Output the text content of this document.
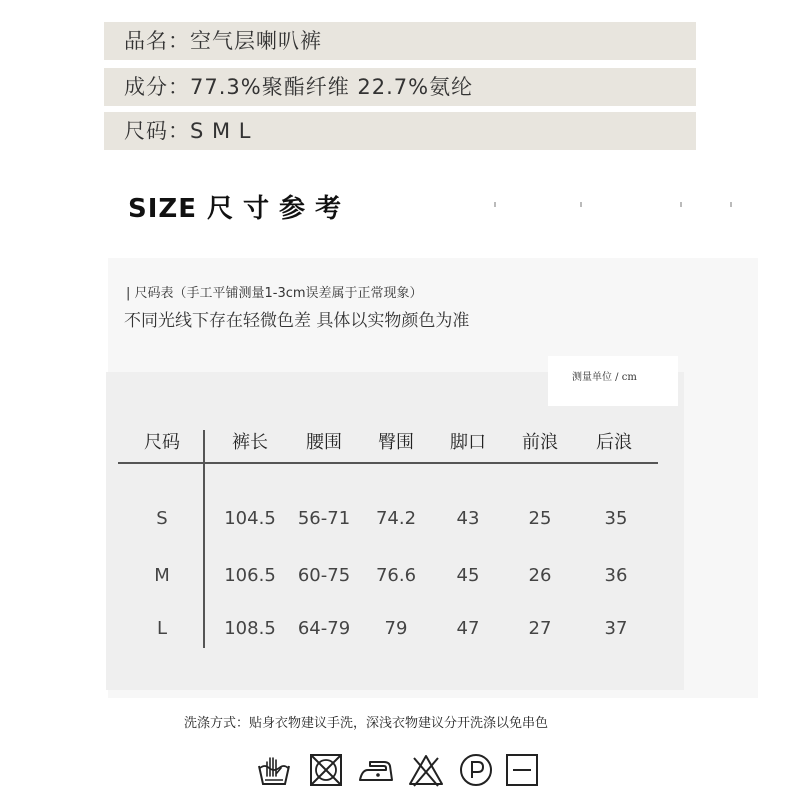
品名：空气层喇叭裤
成分：77.3%聚酯纤维 22.7%氨纶
尺码：S M L
SIZE 尺寸参考
| 尺码表（手工平铺测量1-3cm误差属于正常现象）
不同光线下存在轻微色差 具体以实物颜色为准
测量单位 / cm
尺码	裤长 腰围 臀围 脚口 前浪 后浪
S	104.5 56-71 74.2 43	25	35
M	106.5 60-75 76.6 45	26	36
L	108.5 64-79 79	47	27	37
洗涤方式：贴身衣物建议手洗，深浅衣物建议分开洗涤以免串色
